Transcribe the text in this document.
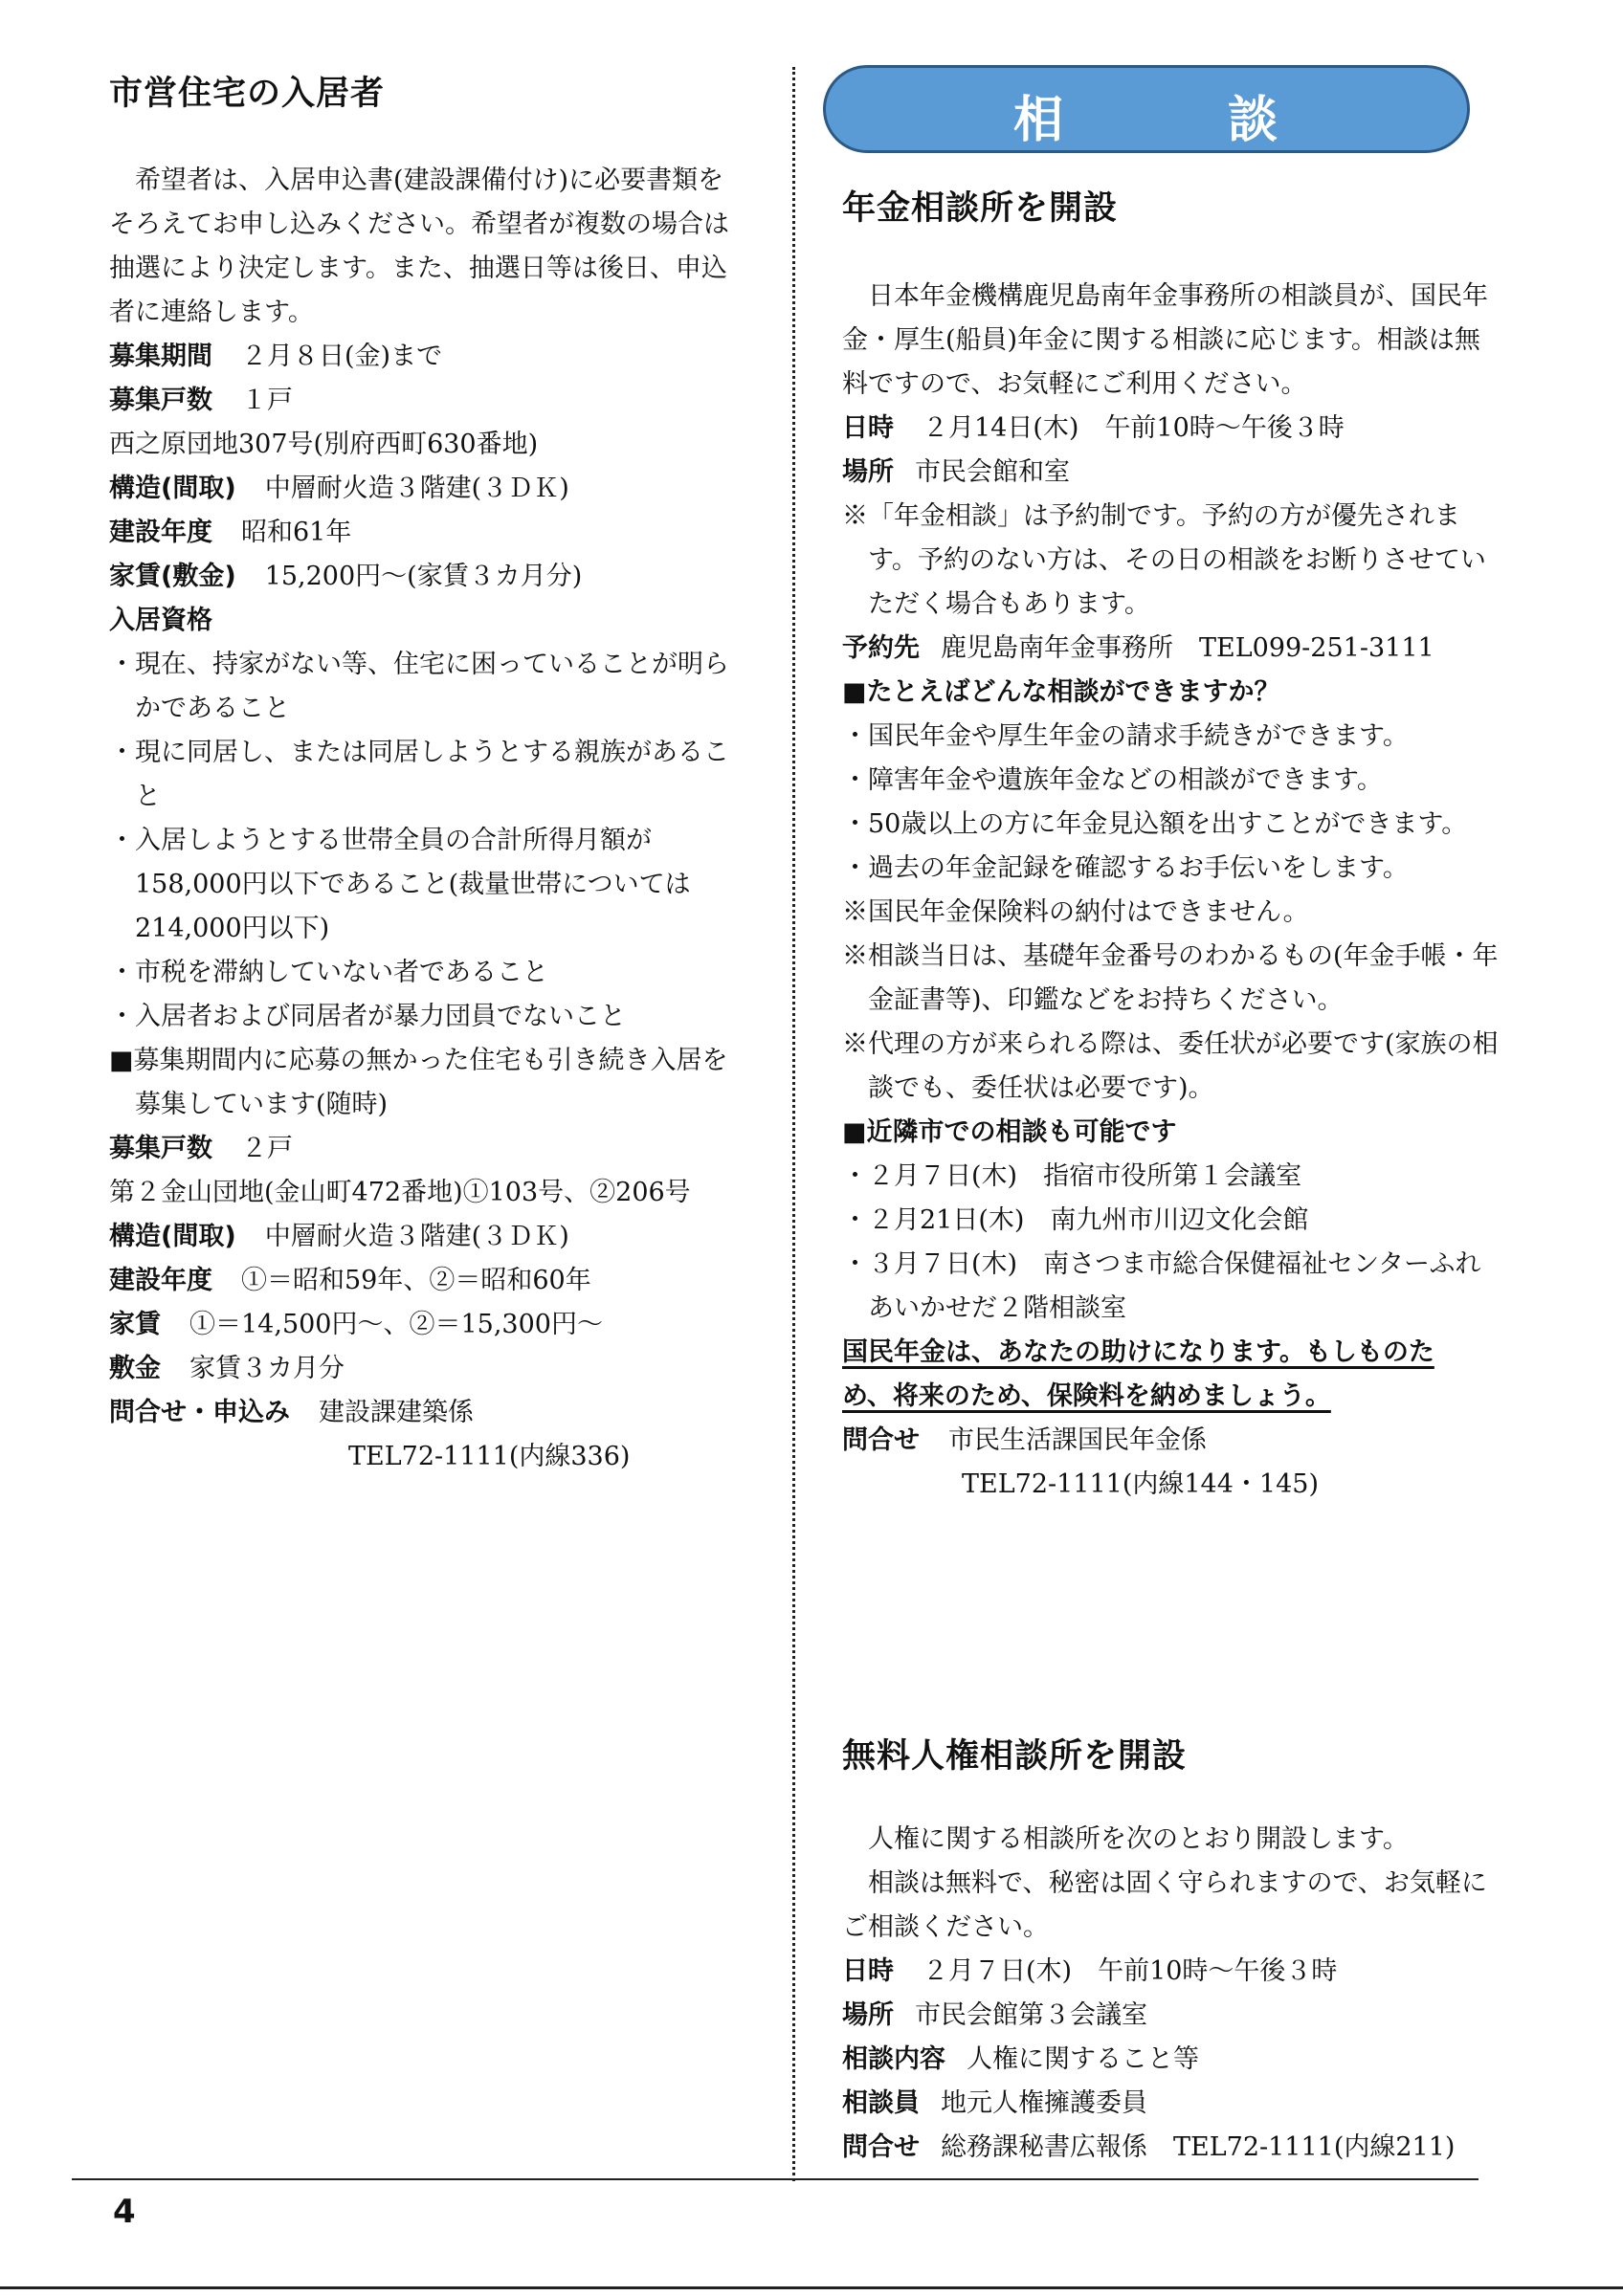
市営住宅の入居者

希望者は、入居申込書(建設課備付け)に必要書類をそろえてお申し込みください。希望者が複数の場合は抽選により決定します。また、抽選日等は後日、申込者に連絡します。

募集期間 ２月８日(金)まで

募集戸数 １戸

西之原団地307号(別府西町630番地)

構造(間取) 中層耐火造３階建(３ＤＫ)

建設年度 昭和61年

家賃(敷金) 15,200円～(家賃３カ月分)

入居資格

・現在、持家がない等、住宅に困っていることが明らかであること

・現に同居し、または同居しようとする親族があること

・入居しようとする世帯全員の合計所得月額が158,000円以下であること(裁量世帯については214,000円以下)

・市税を滞納していない者であること

・入居者および同居者が暴力団員でないこと

■募集期間内に応募の無かった住宅も引き続き入居を募集しています(随時)

募集戸数 ２戸

第２金山団地(金山町472番地)①103号、②206号

構造(間取) 中層耐火造３階建(３ＤＫ)

建設年度 ①＝昭和59年、②＝昭和60年

家賃 ①＝14,500円～、②＝15,300円～

敷金 家賃３カ月分

問合せ・申込み 建設課建築係

TEL72-1111(内線336)

相	談
年金相談所を開設

日本年金機構鹿児島南年金事務所の相談員が、国民年金・厚生(船員)年金に関する相談に応じます。相談は無料ですので、お気軽にご利用ください。

日時 ２月14日(木)　午前10時～午後３時

場所 市民会館和室

※「年金相談」は予約制です。予約の方が優先されます。予約のない方は、その日の相談をお断りさせていただく場合もあります。

予約先 鹿児島南年金事務所　TEL099-251-3111

■たとえばどんな相談ができますか？

・国民年金や厚生年金の請求手続きができます。

・障害年金や遺族年金などの相談ができます。

・50歳以上の方に年金見込額を出すことができます。

・過去の年金記録を確認するお手伝いをします。

※国民年金保険料の納付はできません。

※相談当日は、基礎年金番号のわかるもの(年金手帳・年金証書等)、印鑑などをお持ちください。

※代理の方が来られる際は、委任状が必要です(家族の相談でも、委任状は必要です)。

■近隣市での相談も可能です

・２月７日(木)　指宿市役所第１会議室

・２月21日(木)　南九州市川辺文化会館

・３月７日(木)　南さつま市総合保健福祉センターふれあいかせだ２階相談室

国民年金は、あなたの助けになります。もしものため、将来のため、保険料を納めましょう。

問合せ 市民生活課国民年金係

TEL72-1111(内線144・145)

無料人権相談所を開設

人権に関する相談所を次のとおり開設します。

相談は無料で、秘密は固く守られますので、お気軽にご相談ください。

日時 ２月７日(木)　午前10時～午後３時

場所 市民会館第３会議室

相談内容 人権に関すること等

相談員 地元人権擁護委員

問合せ 総務課秘書広報係　TEL72-1111(内線211)

4
